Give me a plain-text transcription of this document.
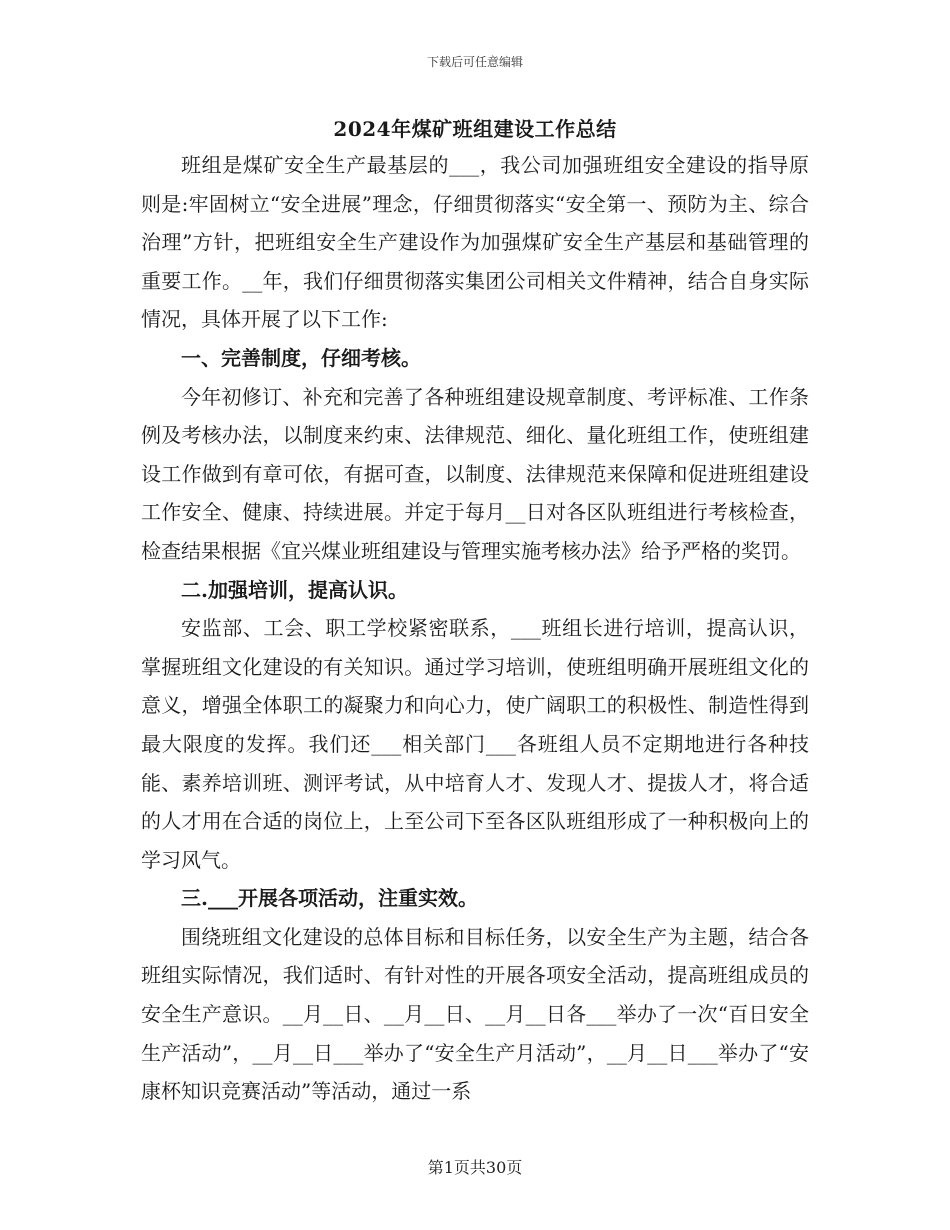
下载后可任意编辑
2024年煤矿班组建设工作总结

班组是煤矿安全生产最基层的___，我公司加强班组安全建设的指导原则是:牢固树立“安全进展”理念，仔细贯彻落实“安全第一、预防为主、综合治理”方针，把班组安全生产建设作为加强煤矿安全生产基层和基础管理的重要工作。__年，我们仔细贯彻落实集团公司相关文件精神，结合自身实际情况，具体开展了以下工作:

一、完善制度，仔细考核。

今年初修订、补充和完善了各种班组建设规章制度、考评标准、工作条例及考核办法，以制度来约束、法律规范、细化、量化班组工作，使班组建设工作做到有章可依，有据可查，以制度、法律规范来保障和促进班组建设工作安全、健康、持续进展。并定于每月__日对各区队班组进行考核检查，检查结果根据《宜兴煤业班组建设与管理实施考核办法》给予严格的奖罚。

二.加强培训，提高认识。

安监部、工会、职工学校紧密联系，___班组长进行培训，提高认识，掌握班组文化建设的有关知识。通过学习培训，使班组明确开展班组文化的意义，增强全体职工的凝聚力和向心力，使广阔职工的积极性、制造性得到最大限度的发挥。我们还___相关部门___各班组人员不定期地进行各种技能、素养培训班、测评考试，从中培育人才、发现人才、提拔人才，将合适的人才用在合适的岗位上，上至公司下至各区队班组形成了一种积极向上的学习风气。

三.___开展各项活动，注重实效。

围绕班组文化建设的总体目标和目标任务，以安全生产为主题，结合各班组实际情况，我们适时、有针对性的开展各项安全活动，提高班组成员的安全生产意识。__月__日、__月__日、__月__日各___举办了一次“百日安全生产活动”，__月__日___举办了“安全生产月活动”，__月__日___举办了“安康杯知识竞赛活动”等活动，通过一系

第1页共30页
